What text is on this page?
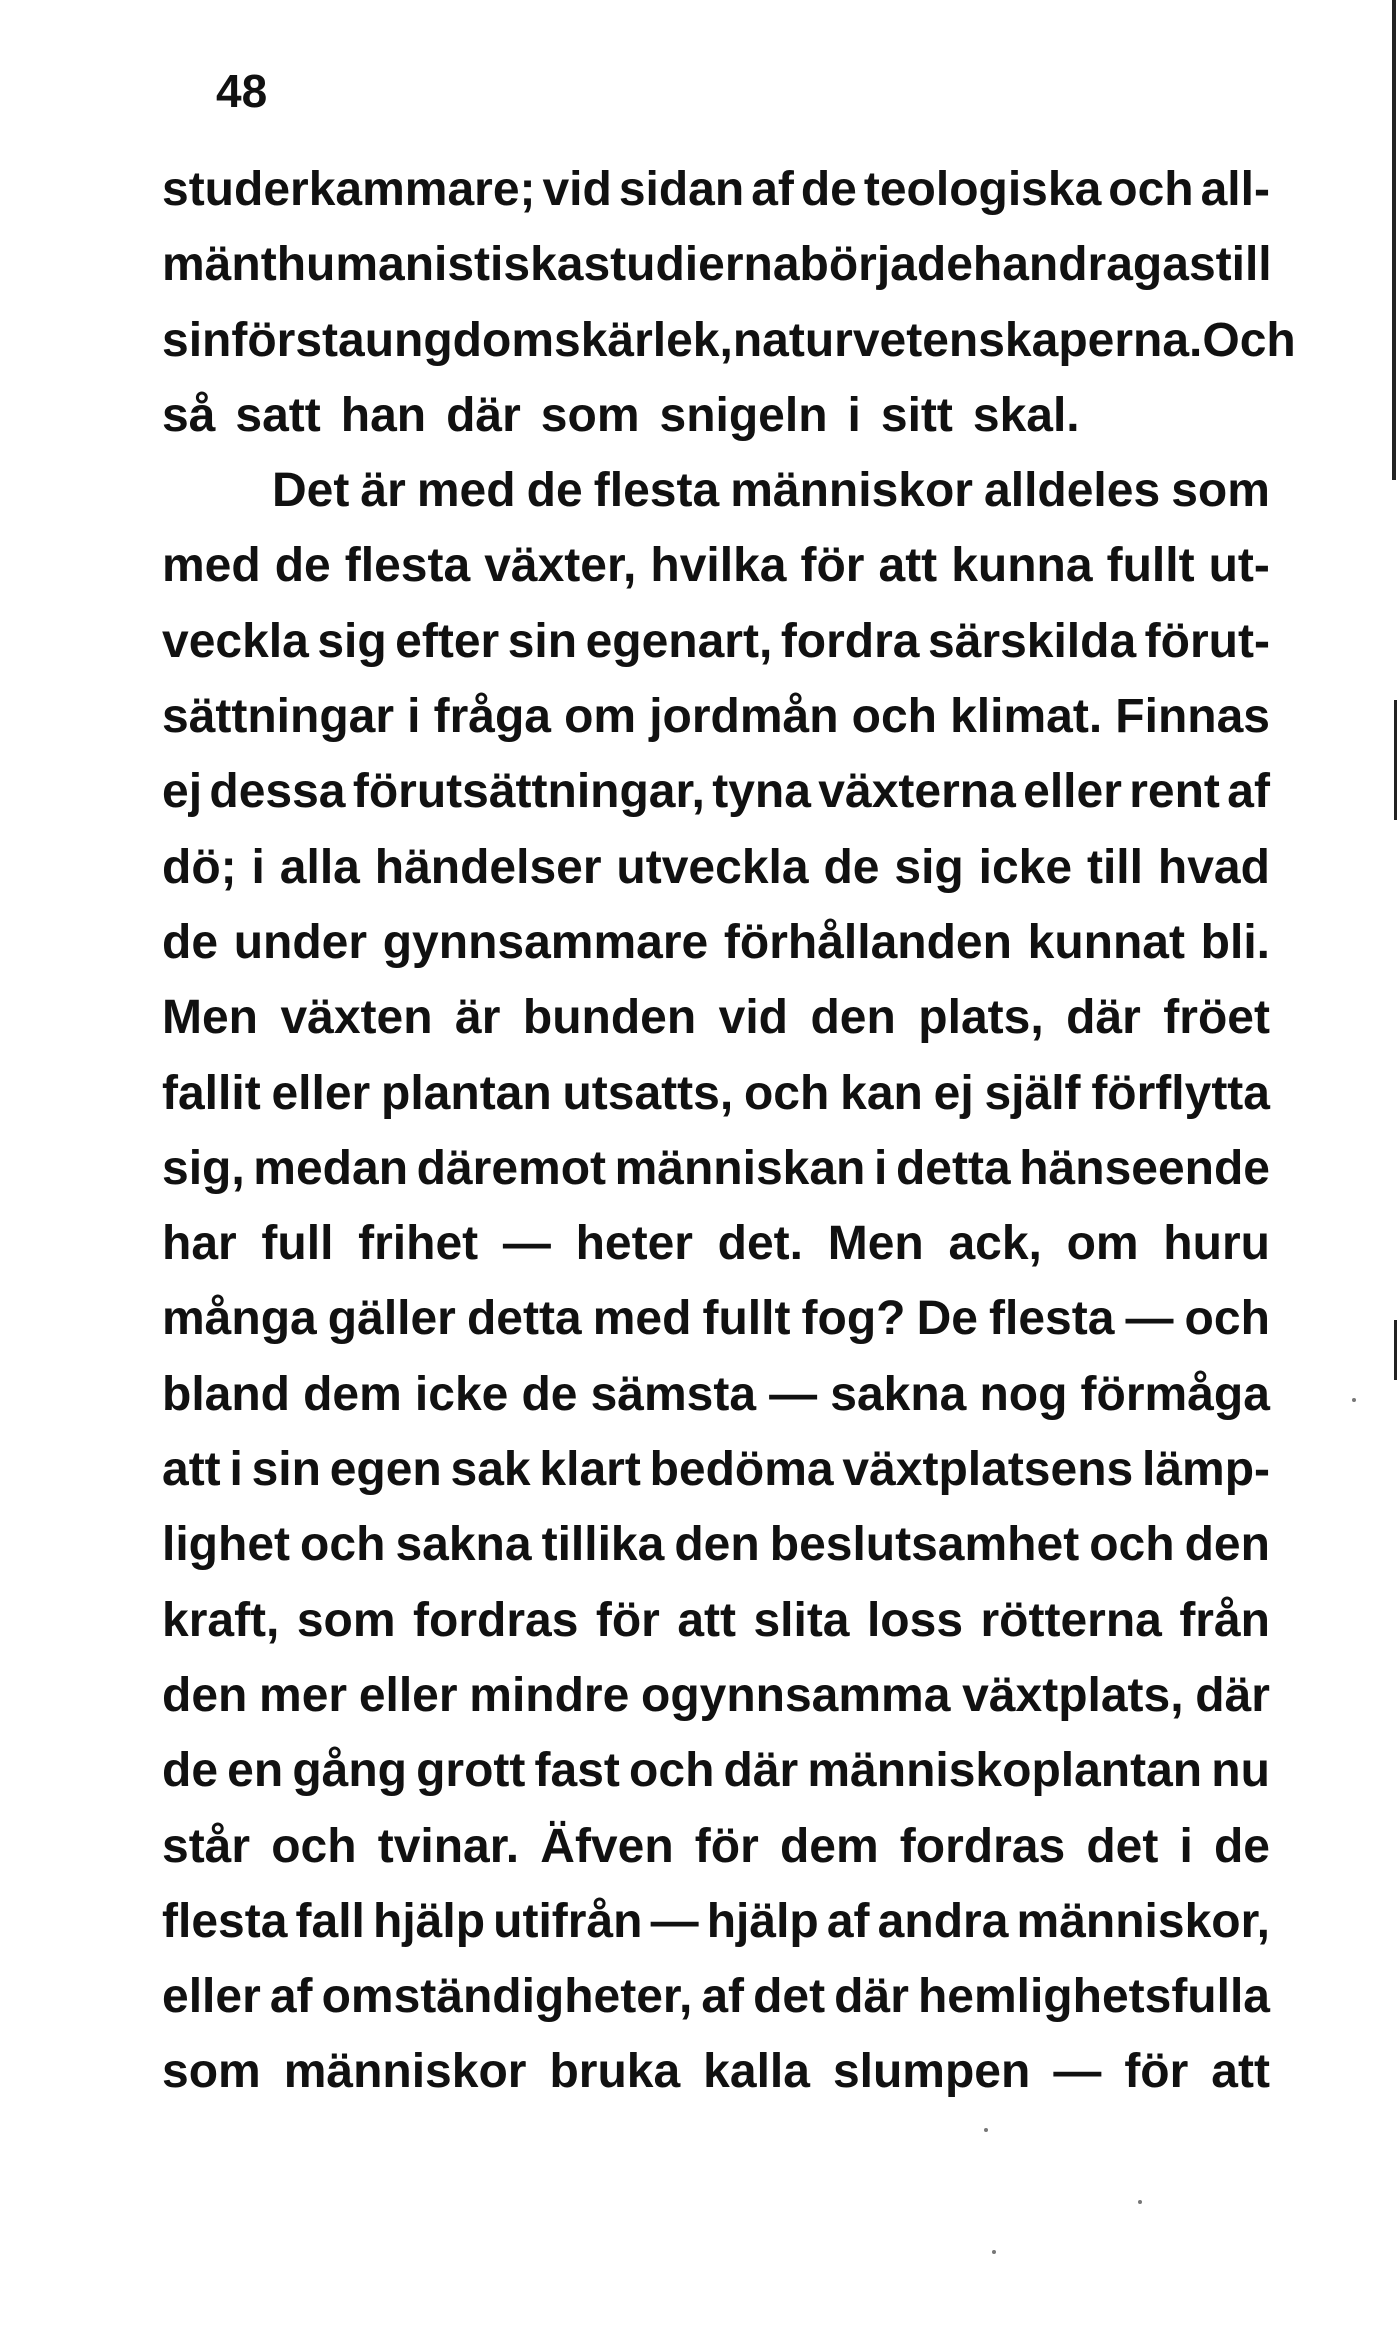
48
studerkammare; vid sidan af de teologiska och all-
mänt humanistiska studierna började han dragas till
sin första ungdoms kärlek, naturvetenskaperna. Och
så satt han där som snigeln i sitt skal.
Det är med de flesta människor alldeles som
med de flesta växter, hvilka för att kunna fullt ut-
veckla sig efter sin egenart, fordra särskilda förut-
sättningar i fråga om jordmån och klimat. Finnas
ej dessa förutsättningar, tyna växterna eller rent af
dö; i alla händelser utveckla de sig icke till hvad
de under gynnsammare förhållanden kunnat bli.
Men växten är bunden vid den plats, där fröet
fallit eller plantan utsatts, och kan ej själf förflytta
sig, medan däremot människan i detta hänseende
har full frihet — heter det. Men ack, om huru
många gäller detta med fullt fog? De flesta — och
bland dem icke de sämsta — sakna nog förmåga
att i sin egen sak klart bedöma växtplatsens lämp-
lighet och sakna tillika den beslutsamhet och den
kraft, som fordras för att slita loss rötterna från
den mer eller mindre ogynnsamma växtplats, där
de en gång grott fast och där människoplantan nu
står och tvinar. Äfven för dem fordras det i de
flesta fall hjälp utifrån — hjälp af andra människor,
eller af omständigheter, af det där hemlighetsfulla
som människor bruka kalla slumpen — för att
